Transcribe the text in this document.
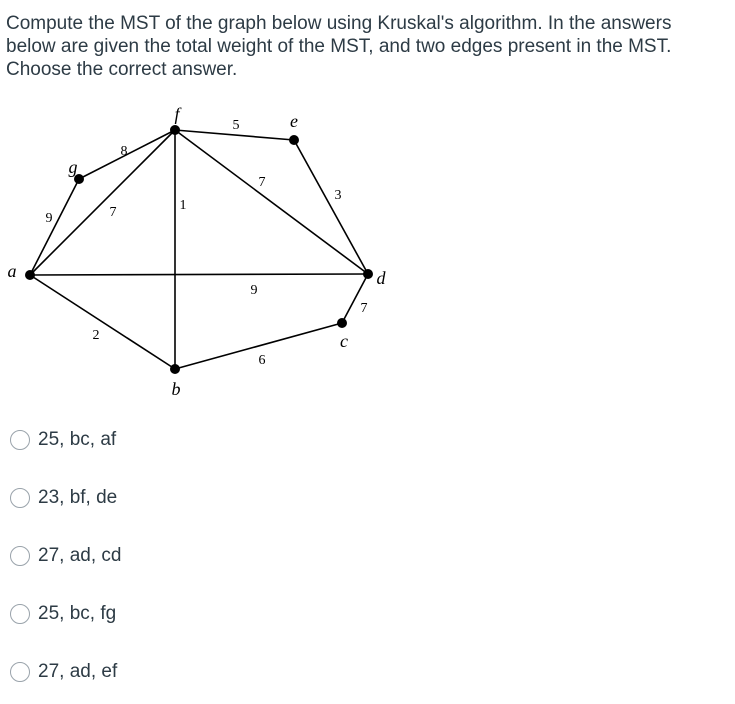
Compute the MST of the graph below using Kruskal's algorithm. In the answers below are given the total weight of the MST, and two edges present in the MST. Choose the correct answer.

5
8
7	1
7
3
9
9
2
7
6
f	e
g
a	d
c
b
25, bc, af
23, bf, de
27, ad, cd
25, bc, fg
27, ad, ef
